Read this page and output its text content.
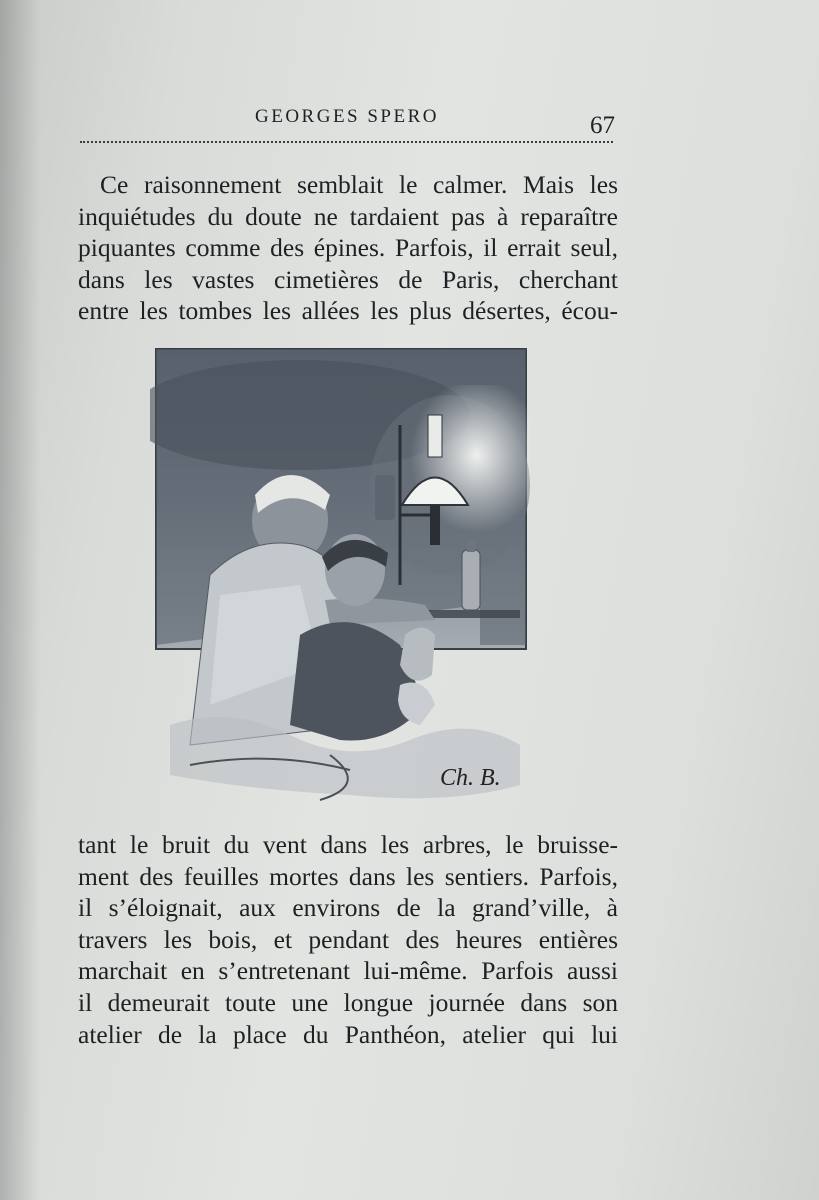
GEORGES SPERO	67

Ce raisonnement semblait le calmer. Mais les
inquiétudes du doute ne tardaient pas à reparaître
piquantes comme des épines. Parfois, il errait seul,
dans les vastes cimetières de Paris, cherchant
entre les tombes les allées les plus désertes, écou-

Ch. B.

tant le bruit du vent dans les arbres, le bruisse-
ment des feuilles mortes dans les sentiers. Parfois,
il s’éloignait, aux environs de la grand’ville, à
travers les bois, et pendant des heures entières
marchait en s’entretenant lui-même. Parfois aussi
il demeurait toute une longue journée dans son
atelier de la place du Panthéon, atelier qui lui
